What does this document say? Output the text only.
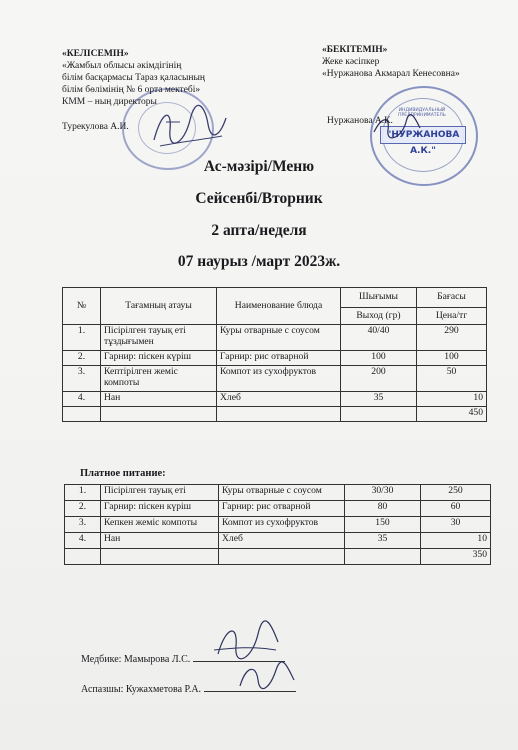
ИНДИВИДУАЛЬНЫЙ ПРЕДПРИНИМАТЕЛЬ
"НУРЖАНОВА А.К."
«КЕЛІСЕМІН»
«Жамбыл облысы әкімдігінің
білім басқармасы Тараз қаласының
білім бөлімінің № 6 орта мектебі»
КММ – ның директоры
Турекулова А.И.
«БЕКІТЕМІН»
Жеке кәсіпкер
«Нуржанова Акмарал Кенесовна»
Нуржанова А.К.
Ас-мәзірі/Меню
Сейсенбі/Вторник
2 апта/неделя
07 наурыз /март 2023ж.
№	Тағамның атауы	Наименование блюда	Шығымы	Бағасы
			Выход (гр)	Цена/тг
1.	Пісірілген тауық еті тұздығымен	Куры отварные с соусом	40/40	290
2.	Гарнир: піскен күріш	Гарнир: рис отварной	100	100
3.	Кептірілген жеміс компоты	Компот из сухофруктов	200	50
4.	Нан	Хлеб	35	10
				450
Платное питание:
1.	Пісірілген тауық еті	Куры отварные с соусом	30/30	250
2.	Гарнир: піскен күріш	Гарнир: рис отварной	80	60
3.	Кепкен жеміс компоты	Компот из сухофруктов	150	30
4.	Нан	Хлеб	35	10
				350
Медбике: Мамырова Л.С.
Аспазшы: Кужахметова Р.А.
